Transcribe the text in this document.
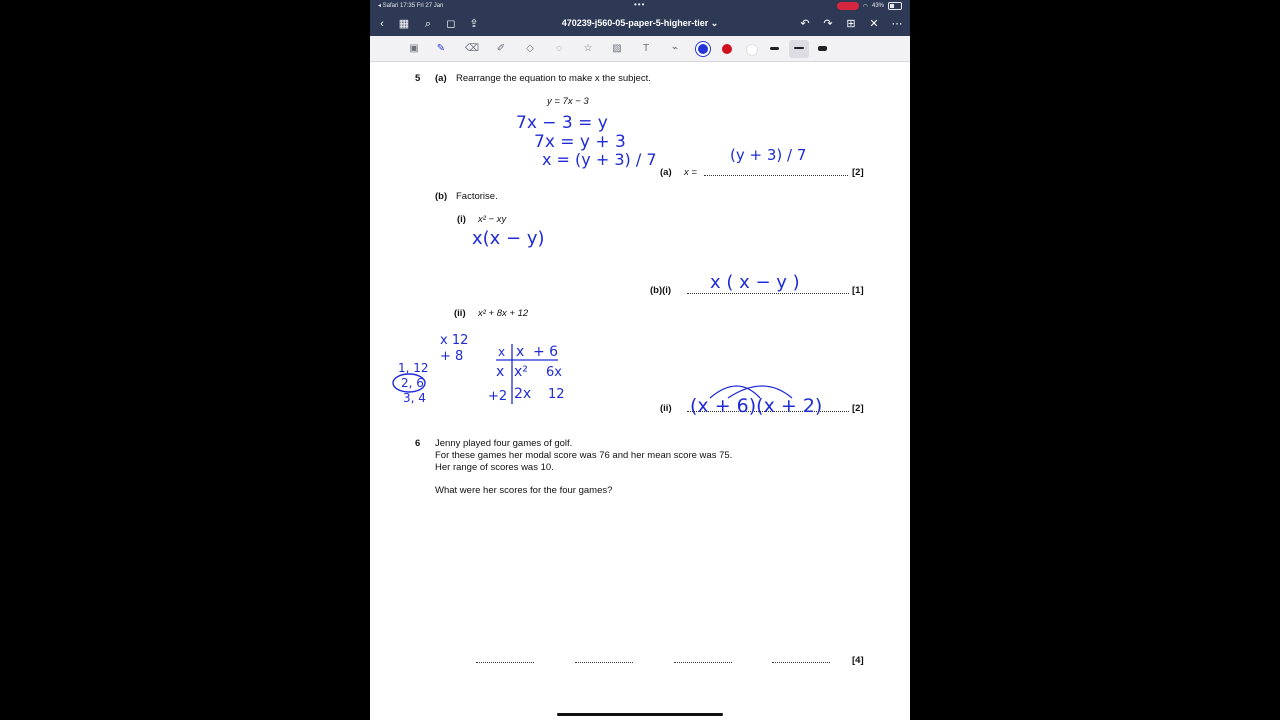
◂ Safari 17:35 Fri 27 Jan	•••	◠ 43%
‹	▦	⌕	◻	⇪	470239-j560-05-paper-5-higher-tier ⌄	↶	↷	⊞	✕	⋯
▣ ✎ ⌫ ✐	◇	◌	☆ ▨	T	⌁
5 (a) Rearrange the equation to make x the subject.
y = 7x − 3
7x − 3 = y
7x = y + 3
x = (y + 3) / 7
(a) x =
(y + 3) / 7
[2]
(b) Factorise.
(i) x² − xy
x(x − y)
(b)(i) x ( x − y )	[1]
(ii) x² + 8x + 12
x 12
+ 8
1, 12
2, 6
3, 4
x x + 6
x x² 6x
+2 2x 12
(ii) (x + 6)(x + 2)	[2]
6 Jenny played four games of golf.
For these games her modal score was 76 and her mean score was 75.
Her range of scores was 10.
What were her scores for the four games?
[4]
